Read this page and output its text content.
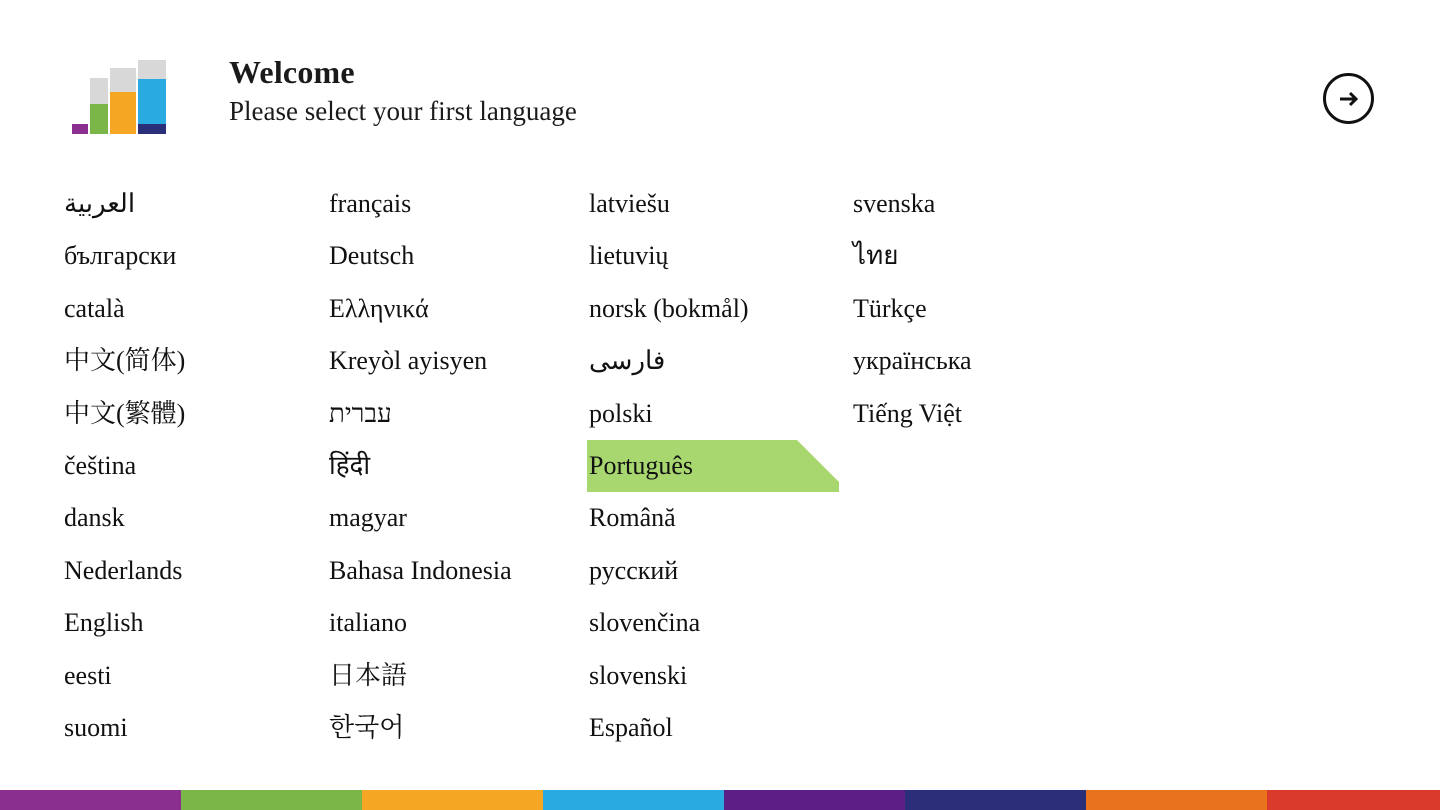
Welcome
Please select your first language
العربية
български
català
中文(简体)
中文(繁體)
čeština
dansk
Nederlands
English
eesti
suomi
français
Deutsch
Ελληνικά
Kreyòl ayisyen
עברית
हिंदी
magyar
Bahasa Indonesia
italiano
日本語
한국어
latviešu
lietuvių
norsk (bokmål)
فارسی
polski
Português	✔
Română
русский
slovenčina
slovenski
Español
svenska
ไทย
Türkçe
українська
Tiếng Việt
